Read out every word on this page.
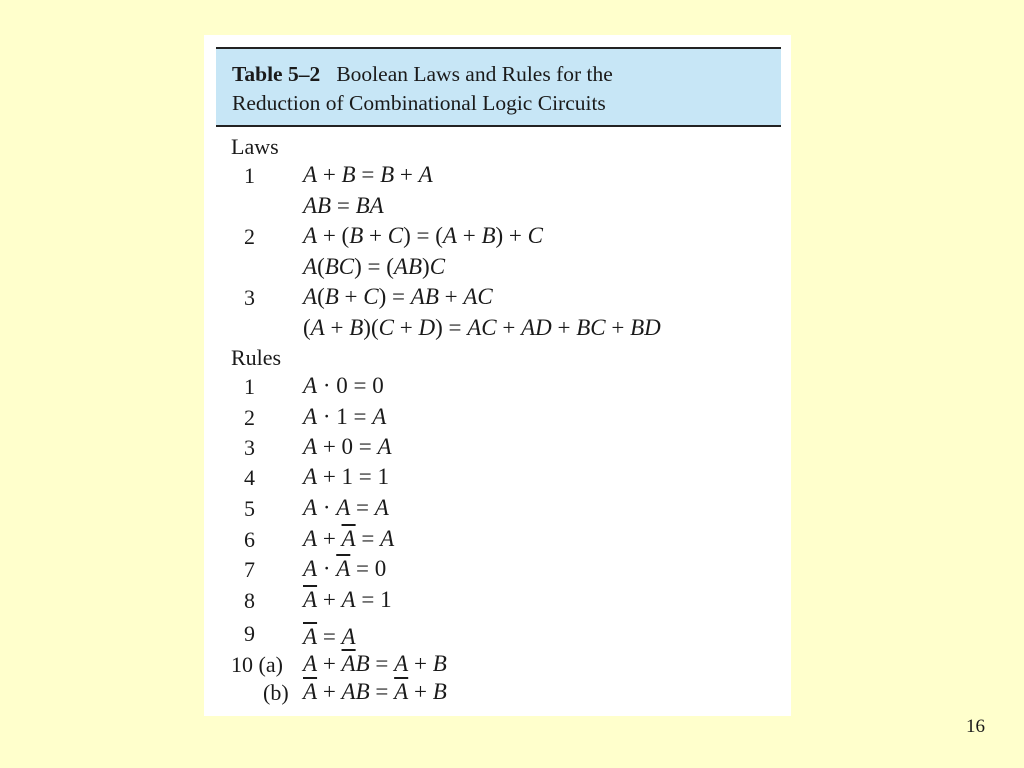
Table 5–2 Boolean Laws and Rules for the
Reduction of Combinational Logic Circuits
Laws
1 A + B = B + A
AB = BA
2 A + (B + C) = (A + B) + C
A(BC) = (AB)C
3 A(B + C) = AB + AC
(A + B)(C + D) = AC + AD + BC + BD
Rules
1 A · 0 = 0
2 A · 1 = A
3 A + 0 = A
4 A + 1 = 1
5 A · A = A
6 $A + \overline{A} = A$
7 $A \cdot \overline{A} = 0$
8 $\overline{A} + A = 1$
9 A = A
10 (a) $A + \overline{A}B = A + B$
(b) $\overline{A}$ + AB = $\overline{A} + B$
16
